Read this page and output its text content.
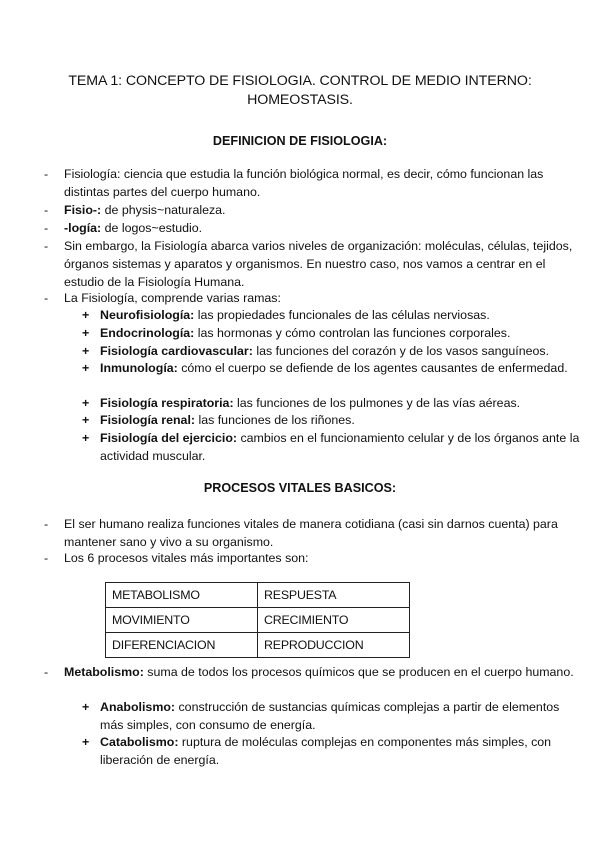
TEMA 1: CONCEPTO DE FISIOLOGIA. CONTROL DE MEDIO INTERNO: HOMEOSTASIS.
DEFINICION DE FISIOLOGIA:
- Fisiología: ciencia que estudia la función biológica normal, es decir, cómo funcionan las distintas partes del cuerpo humano.
- Fisio-: de physis~naturaleza.
- -logía: de logos~estudio.
- Sin embargo, la Fisiología abarca varios niveles de organización: moléculas, células, tejidos, órganos sistemas y aparatos y organismos. En nuestro caso, nos vamos a centrar en el estudio de la Fisiología Humana.
- La Fisiología, comprende varias ramas:
+ Neurofisiología: las propiedades funcionales de las células nerviosas.
+ Endocrinología: las hormonas y cómo controlan las funciones corporales.
+ Fisiología cardiovascular: las funciones del corazón y de los vasos sanguíneos.
+ Inmunología: cómo el cuerpo se defiende de los agentes causantes de enfermedad.
+ Fisiología respiratoria: las funciones de los pulmones y de las vías aéreas.
+ Fisiología renal: las funciones de los riñones.
+ Fisiología del ejercicio: cambios en el funcionamiento celular y de los órganos ante la actividad muscular.
PROCESOS VITALES BASICOS:
- El ser humano realiza funciones vitales de manera cotidiana (casi sin darnos cuenta) para mantener sano y vivo a su organismo.
- Los 6 procesos vitales más importantes son:
METABOLISMO	RESPUESTA
MOVIMIENTO	CRECIMIENTO
DIFERENCIACION	REPRODUCCION
- Metabolismo: suma de todos los procesos químicos que se producen en el cuerpo humano.
+ Anabolismo: construcción de sustancias químicas complejas a partir de elementos más simples, con consumo de energía.
+ Catabolismo: ruptura de moléculas complejas en componentes más simples, con liberación de energía.
